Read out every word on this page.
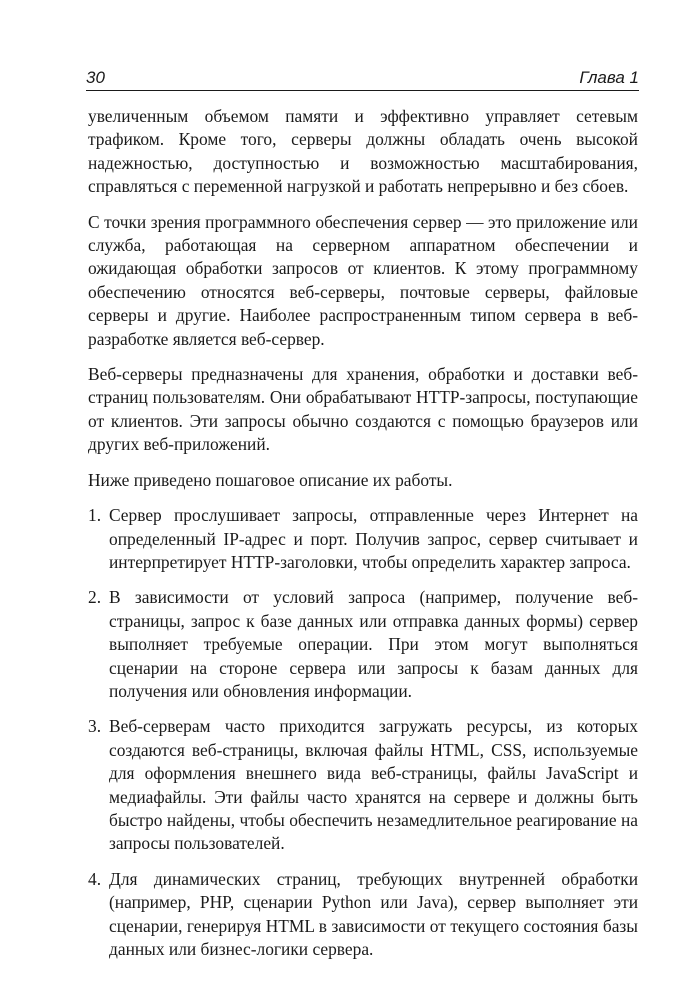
30	Глава 1

увеличенным объемом памяти и эффективно управляет сетевым трафиком. Кроме того, серверы должны обладать очень высокой надежностью, доступностью и возможностью масштабирования, справляться с переменной нагрузкой и работать непрерывно и без сбоев.

С точки зрения программного обеспечения сервер — это приложение или служба, работающая на серверном аппаратном обеспечении и ожидающая обработки запросов от клиентов. К этому программному обеспечению относятся веб-серверы, почтовые серверы, файловые серверы и другие. Наиболее распространенным типом сервера в веб-разработке является веб-сервер.

Веб-серверы предназначены для хранения, обработки и доставки веб-страниц пользователям. Они обрабатывают HTTP-запросы, поступающие от клиентов. Эти запросы обычно создаются с помощью браузеров или других веб-приложений.

Ниже приведено пошаговое описание их работы.

1. Сервер прослушивает запросы, отправленные через Интернет на определенный IP-адрес и порт. Получив запрос, сервер считывает и интерпретирует HTTP-заголовки, чтобы определить характер запроса.
2. В зависимости от условий запроса (например, получение веб-страницы, запрос к базе данных или отправка данных формы) сервер выполняет требуемые операции. При этом могут выполняться сценарии на стороне сервера или запросы к базам данных для получения или обновления информации.
3. Веб-серверам часто приходится загружать ресурсы, из которых создаются веб-страницы, включая файлы HTML, CSS, используемые для оформления внешнего вида веб-страницы, файлы JavaScript и медиафайлы. Эти файлы часто хранятся на сервере и должны быть быстро найдены, чтобы обеспечить незамедлительное реагирование на запросы пользователей.
4. Для динамических страниц, требующих внутренней обработки (например, PHP, сценарии Python или Java), сервер выполняет эти сценарии, генерируя HTML в зависимости от текущего состояния базы данных или бизнес-логики сервера.
